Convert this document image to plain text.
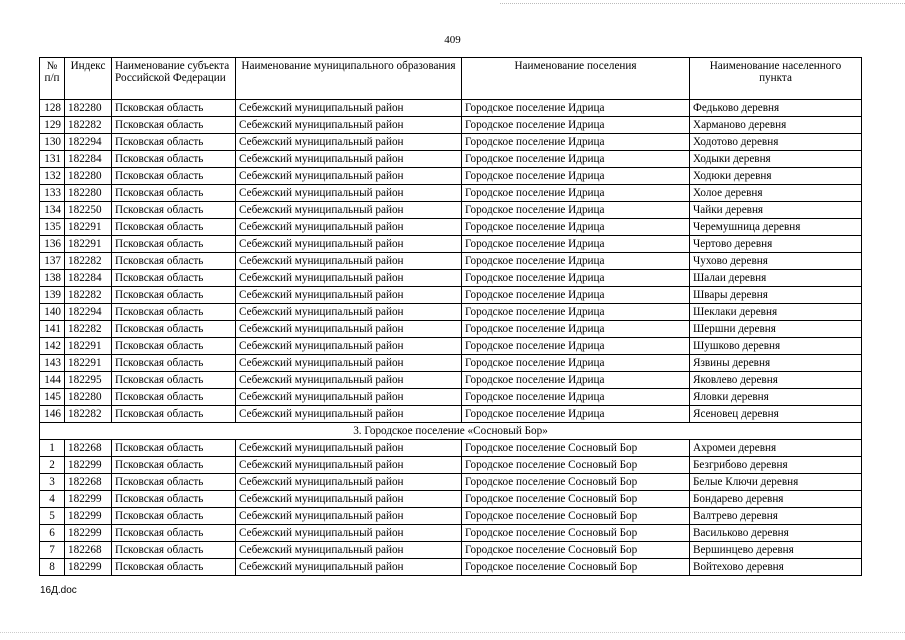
409
№ п/п	Индекс	Наименование субъекта Российской Федерации	Наименование муниципального образования	Наименование поселения	Наименование населенного пункта
128	182280	Псковская область	Себежский муниципальный район	Городское поселение Идрица	Федьково деревня
129	182282	Псковская область	Себежский муниципальный район	Городское поселение Идрица	Харманово деревня
130	182294	Псковская область	Себежский муниципальный район	Городское поселение Идрица	Ходотово деревня
131	182284	Псковская область	Себежский муниципальный район	Городское поселение Идрица	Ходыки деревня
132	182280	Псковская область	Себежский муниципальный район	Городское поселение Идрица	Ходюки деревня
133	182280	Псковская область	Себежский муниципальный район	Городское поселение Идрица	Холое деревня
134	182250	Псковская область	Себежский муниципальный район	Городское поселение Идрица	Чайки деревня
135	182291	Псковская область	Себежский муниципальный район	Городское поселение Идрица	Черемушница деревня
136	182291	Псковская область	Себежский муниципальный район	Городское поселение Идрица	Чертово деревня
137	182282	Псковская область	Себежский муниципальный район	Городское поселение Идрица	Чухово деревня
138	182284	Псковская область	Себежский муниципальный район	Городское поселение Идрица	Шалаи деревня
139	182282	Псковская область	Себежский муниципальный район	Городское поселение Идрица	Швары деревня
140	182294	Псковская область	Себежский муниципальный район	Городское поселение Идрица	Шеклаки деревня
141	182282	Псковская область	Себежский муниципальный район	Городское поселение Идрица	Шершни деревня
142	182291	Псковская область	Себежский муниципальный район	Городское поселение Идрица	Шушково деревня
143	182291	Псковская область	Себежский муниципальный район	Городское поселение Идрица	Язвины деревня
144	182295	Псковская область	Себежский муниципальный район	Городское поселение Идрица	Яковлево деревня
145	182280	Псковская область	Себежский муниципальный район	Городское поселение Идрица	Яловки деревня
146	182282	Псковская область	Себежский муниципальный район	Городское поселение Идрица	Ясеновец деревня
3. Городское поселение «Сосновый Бор»					
1	182268	Псковская область	Себежский муниципальный район	Городское поселение Сосновый Бор	Ахромеи деревня
2	182299	Псковская область	Себежский муниципальный район	Городское поселение Сосновый Бор	Безгрибово деревня
3	182268	Псковская область	Себежский муниципальный район	Городское поселение Сосновый Бор	Белые Ключи деревня
4	182299	Псковская область	Себежский муниципальный район	Городское поселение Сосновый Бор	Бондарево деревня
5	182299	Псковская область	Себежский муниципальный район	Городское поселение Сосновый Бор	Валтрево деревня
6	182299	Псковская область	Себежский муниципальный район	Городское поселение Сосновый Бор	Васильково деревня
7	182268	Псковская область	Себежский муниципальный район	Городское поселение Сосновый Бор	Вершинцево деревня
8	182299	Псковская область	Себежский муниципальный район	Городское поселение Сосновый Бор	Войтехово деревня
16Д.doc
